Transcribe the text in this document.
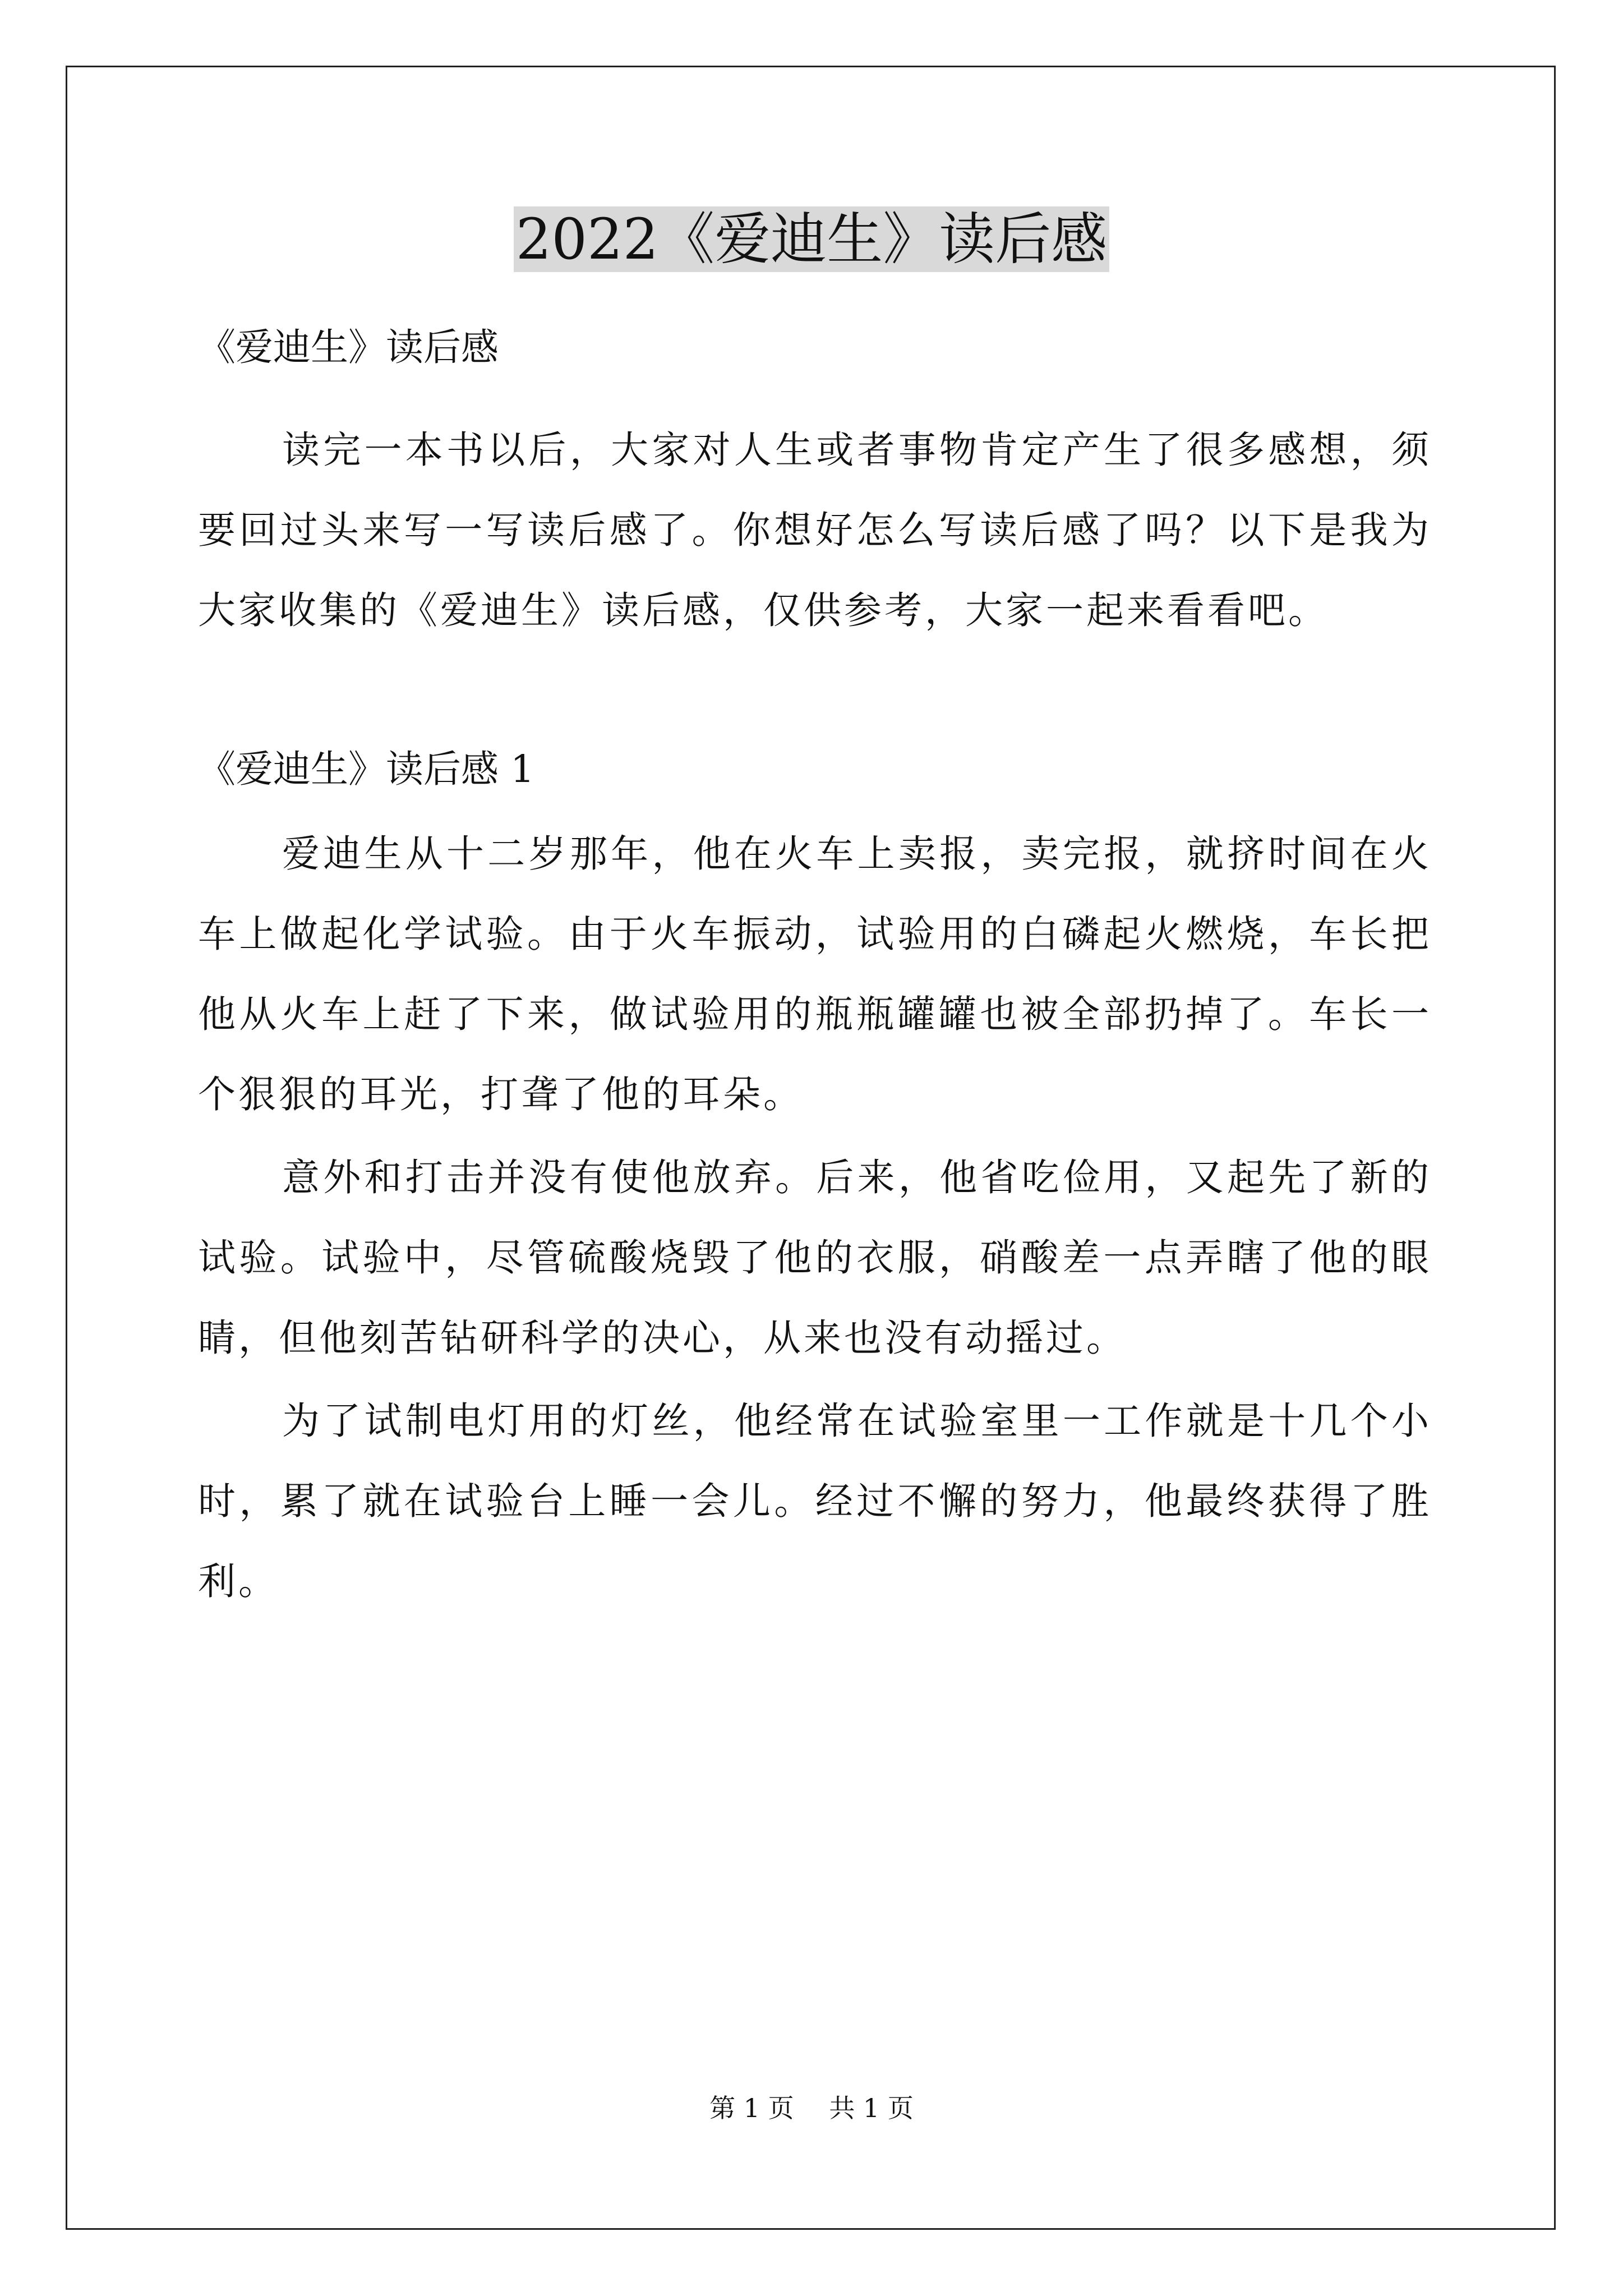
2022《爱迪生》读后感

《爱迪生》读后感

读完一本书以后，大家对人生或者事物肯定产生了很多感想，须要回过头来写一写读后感了。你想好怎么写读后感了吗？以下是我为大家收集的《爱迪生》读后感，仅供参考，大家一起来看看吧。

《爱迪生》读后感 1

爱迪生从十二岁那年，他在火车上卖报，卖完报，就挤时间在火车上做起化学试验。由于火车振动，试验用的白磷起火燃烧，车长把他从火车上赶了下来，做试验用的瓶瓶罐罐也被全部扔掉了。车长一个狠狠的耳光，打聋了他的耳朵。

意外和打击并没有使他放弃。后来，他省吃俭用，又起先了新的试验。试验中，尽管硫酸烧毁了他的衣服，硝酸差一点弄瞎了他的眼睛，但他刻苦钻研科学的决心，从来也没有动摇过。

为了试制电灯用的灯丝，他经常在试验室里一工作就是十几个小时，累了就在试验台上睡一会儿。经过不懈的努力，他最终获得了胜利。

第 1 页 共 1 页
